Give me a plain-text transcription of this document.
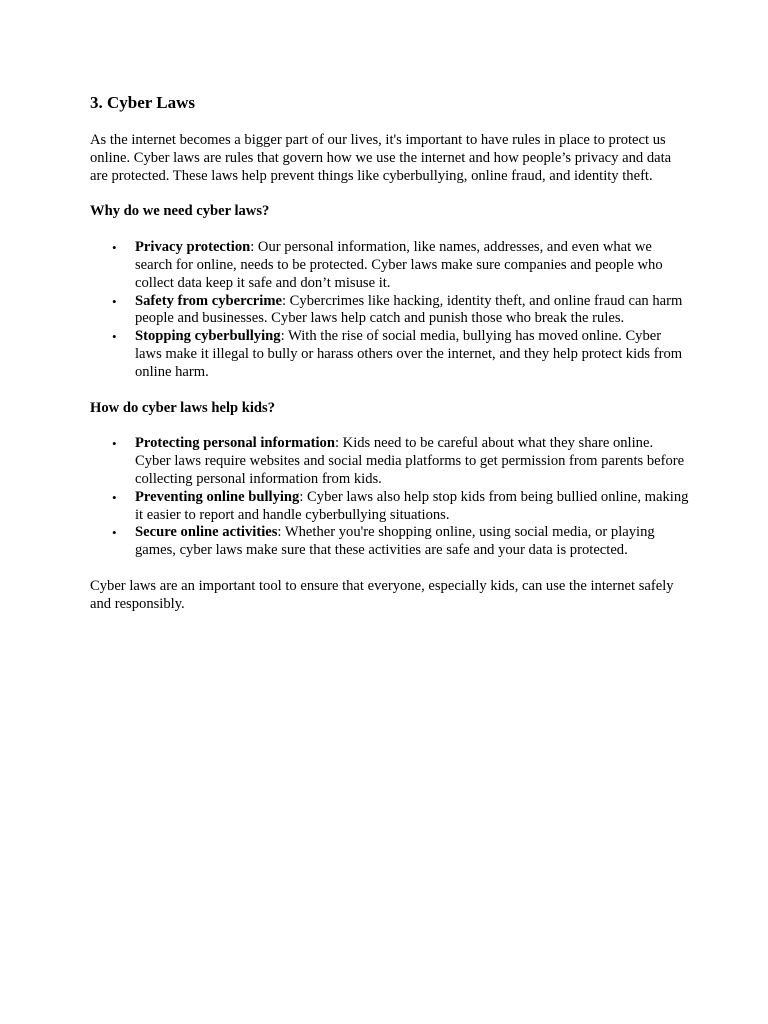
3. Cyber Laws

As the internet becomes a bigger part of our lives, it's important to have rules in place to protect us online. Cyber laws are rules that govern how we use the internet and how people’s privacy and data are protected. These laws help prevent things like cyberbullying, online fraud, and identity theft.

Why do we need cyber laws?

• Privacy protection: Our personal information, like names, addresses, and even what we search for online, needs to be protected. Cyber laws make sure companies and people who collect data keep it safe and don’t misuse it.
• Safety from cybercrime: Cybercrimes like hacking, identity theft, and online fraud can harm people and businesses. Cyber laws help catch and punish those who break the rules.
• Stopping cyberbullying: With the rise of social media, bullying has moved online. Cyber laws make it illegal to bully or harass others over the internet, and they help protect kids from online harm.

How do cyber laws help kids?

• Protecting personal information: Kids need to be careful about what they share online. Cyber laws require websites and social media platforms to get permission from parents before collecting personal information from kids.
• Preventing online bullying: Cyber laws also help stop kids from being bullied online, making it easier to report and handle cyberbullying situations.
• Secure online activities: Whether you're shopping online, using social media, or playing games, cyber laws make sure that these activities are safe and your data is protected.

Cyber laws are an important tool to ensure that everyone, especially kids, can use the internet safely and responsibly.
